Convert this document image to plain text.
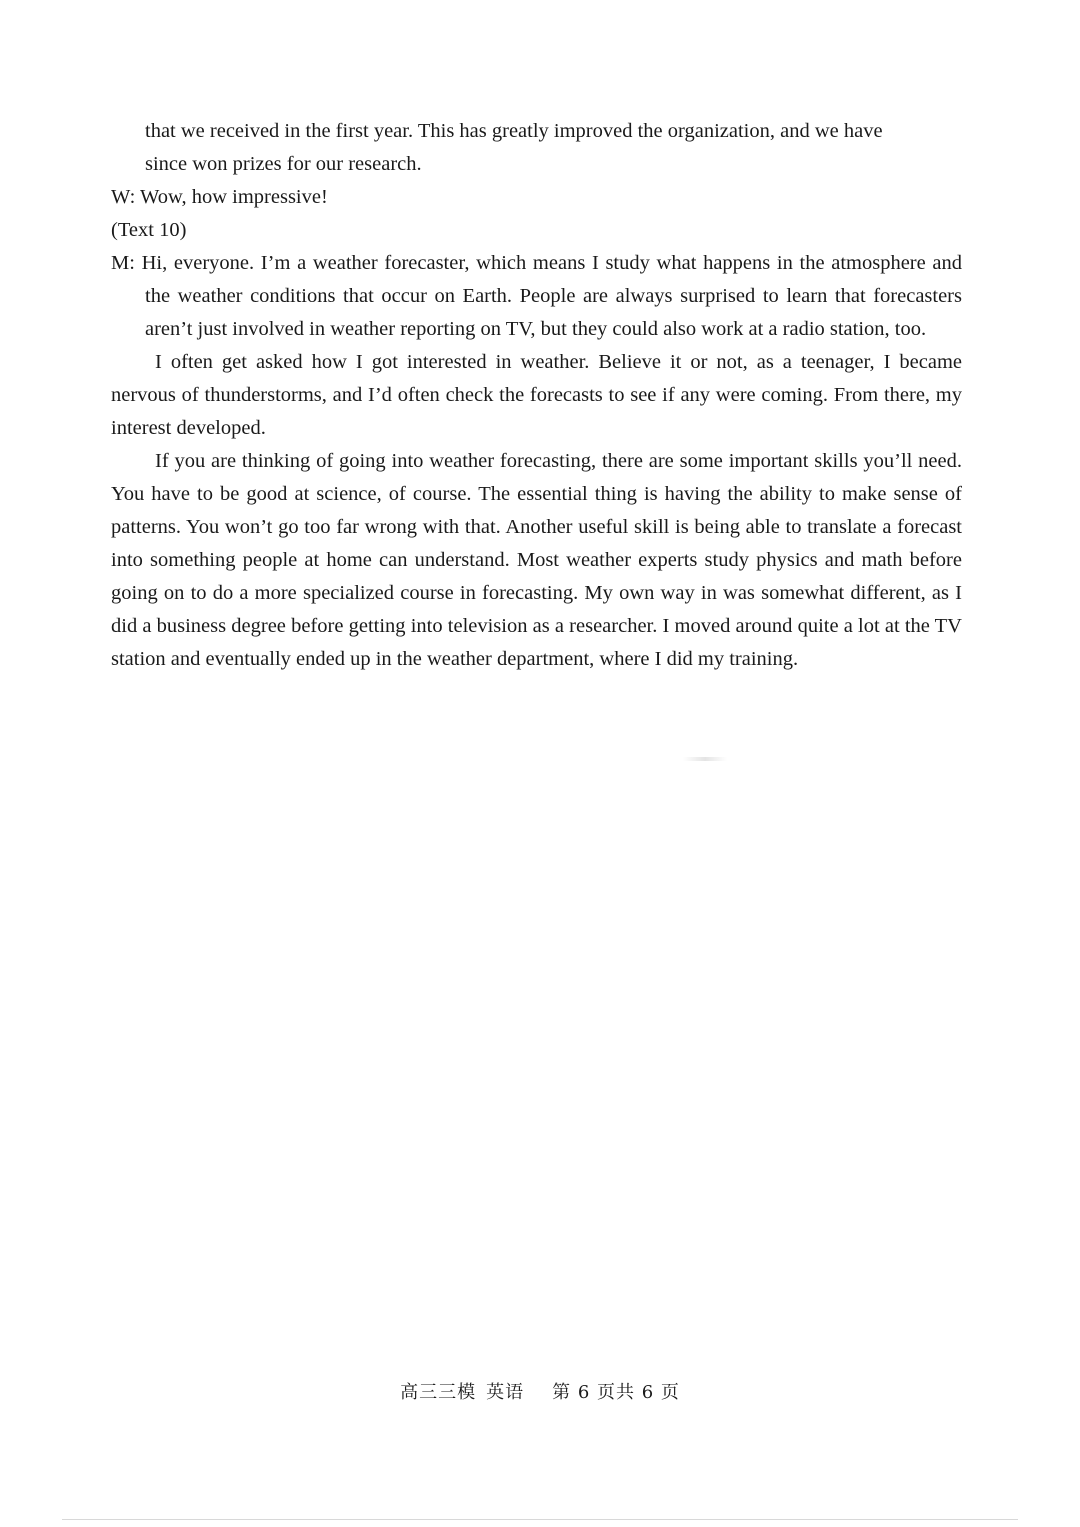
that we received in the first year. This has greatly improved the organization, and we have

since won prizes for our research.

W: Wow, how impressive!

(Text 10)

M: Hi, everyone. I’m a weather forecaster, which means I study what happens in the atmosphere and the weather conditions that occur on Earth. People are always surprised to learn that forecasters aren’t just involved in weather reporting on TV, but they could also work at a radio station, too.

I often get asked how I got interested in weather. Believe it or not, as a teenager, I became nervous of thunderstorms, and I’d often check the forecasts to see if any were coming. From there, my interest developed.

If you are thinking of going into weather forecasting, there are some important skills you’ll need. You have to be good at science, of course. The essential thing is having the ability to make sense of patterns. You won’t go too far wrong with that. Another useful skill is being able to translate a forecast into something people at home can understand. Most weather experts study physics and math before going on to do a more specialized course in forecasting. My own way in was somewhat different, as I did a business degree before getting into television as a researcher. I moved around quite a lot at the TV station and eventually ended up in the weather department, where I did my training.

高三三模 英语 第 6 页共 6 页
